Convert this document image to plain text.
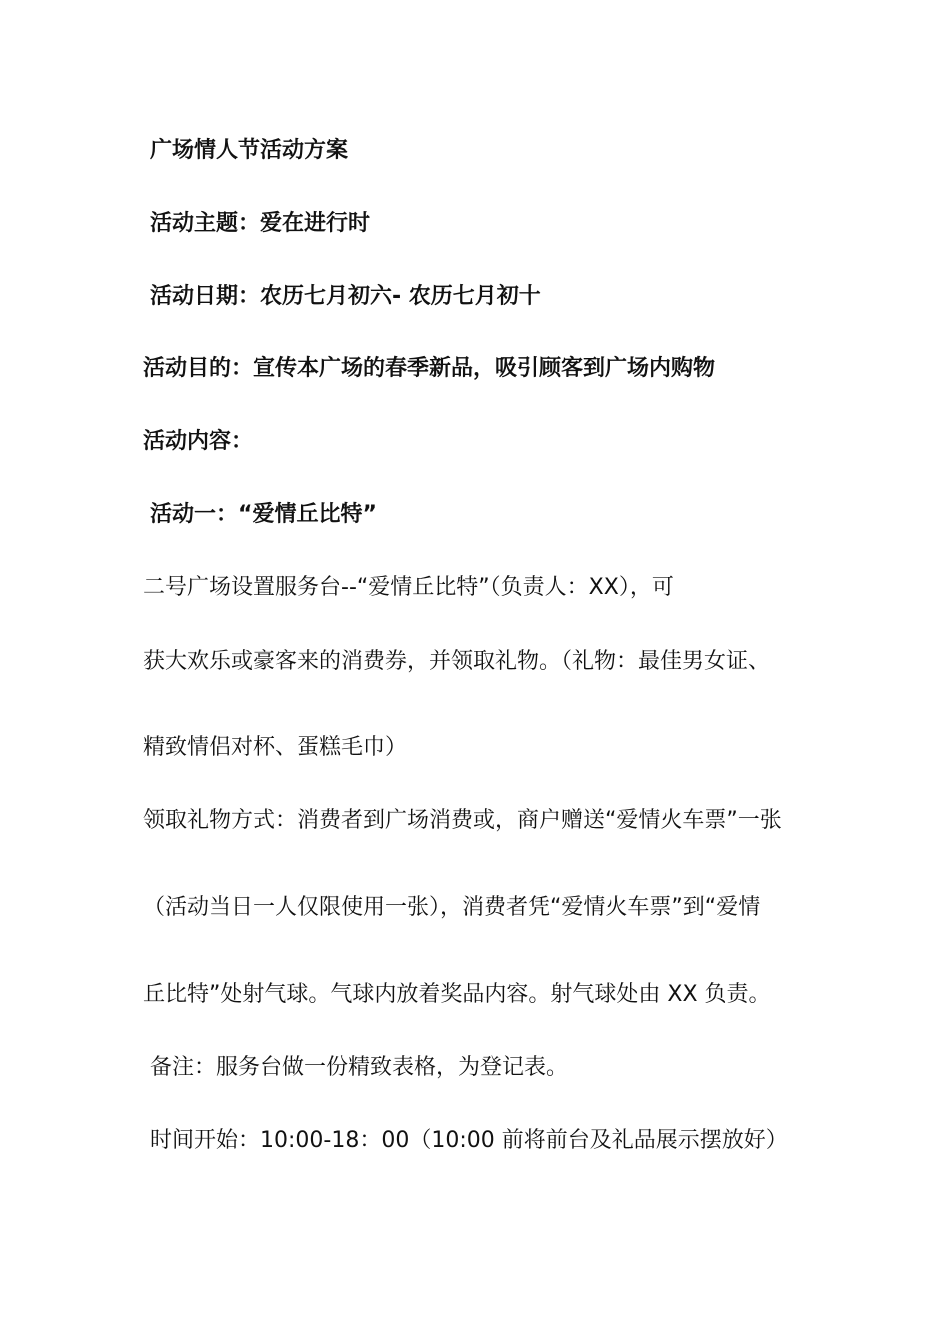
广场情人节活动方案
活动主题：爱在进行时
活动日期：农历七月初六- 农历七月初十
活动目的：宣传本广场的春季新品，吸引顾客到广场内购物
活动内容：
活动一：“爱情丘比特”
二号广场设置服务台--“爱情丘比特”（负责人：XX），可
获大欢乐或豪客来的消费券，并领取礼物。（礼物：最佳男女证、
精致情侣对杯、蛋糕毛巾）
领取礼物方式：消费者到广场消费或，商户赠送“爱情火车票”一张
（活动当日一人仅限使用一张），消费者凭“爱情火车票”到“爱情
丘比特”处射气球。气球内放着奖品内容。射气球处由 XX 负责。
备注：服务台做一份精致表格，为登记表。
时间开始：10:00-18：00（10:00 前将前台及礼品展示摆放好）
